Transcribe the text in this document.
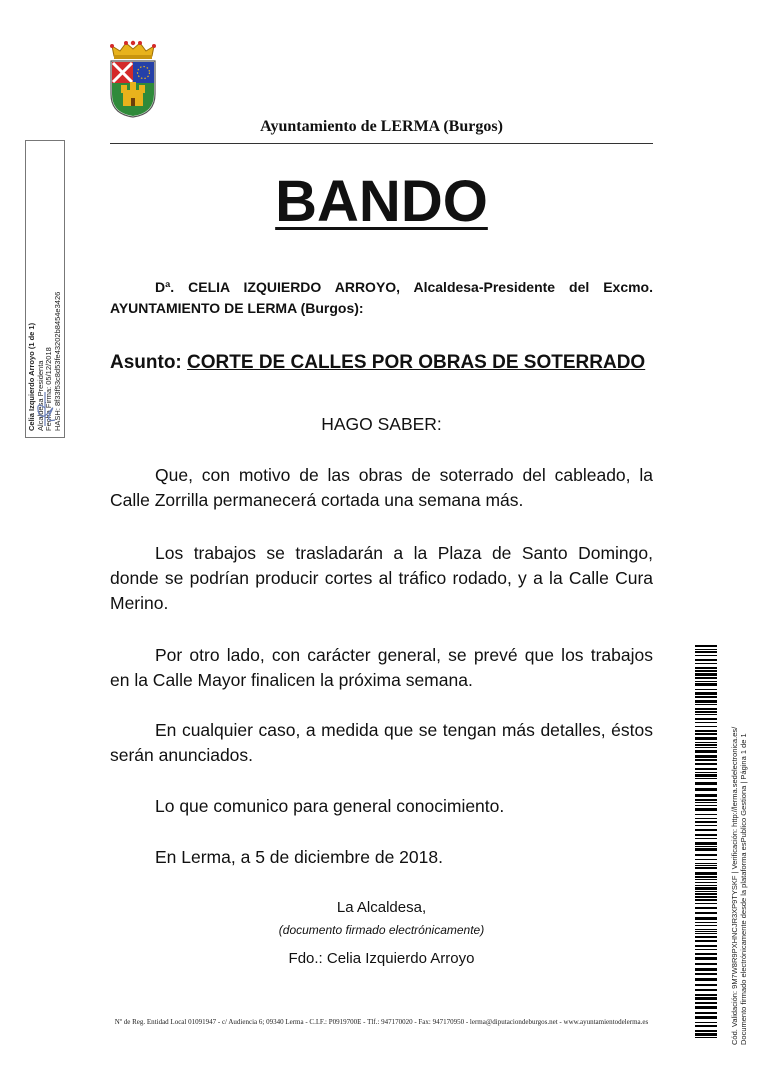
Ayuntamiento de LERMA (Burgos)
BANDO
Dª. CELIA IZQUIERDO ARROYO, Alcaldesa-Presidente del Excmo. AYUNTAMIENTO DE LERMA (Burgos):
Asunto: CORTE DE CALLES POR OBRAS DE SOTERRADO
HAGO SABER:
Que, con motivo de las obras de soterrado del cableado, la Calle Zorrilla permanecerá cortada una semana más.
Los trabajos se trasladarán a la Plaza de Santo Domingo, donde se podrían producir cortes al tráfico rodado, y a la Calle Cura Merino.
Por otro lado, con carácter general, se prevé que los trabajos en la Calle Mayor finalicen la próxima semana.
En cualquier caso, a medida que se tengan más detalles, éstos serán anunciados.
Lo que comunico para general conocimiento.
En Lerma, a 5 de diciembre de 2018.
La Alcaldesa,
(documento firmado electrónicamente)
Fdo.: Celia Izquierdo Arroyo
Nº de Reg. Entidad Local 01091947 - c/ Audiencia 6; 09340 Lerma - C.I.F.: P0919700E - Tlf.: 947170020 - Fax: 947170950 - lerma@diputaciondeburgos.net - www.ayuntamientodelerma.es
Celia Izquierdo Arroyo (1 de 1) Alcaldesa Presidenta Fecha Firma: 05/12/2018 HASH: 8f33f53c8d53fe43202b8454e3426
Cód. Validación: 9M7W8R9PXHNCJR3XP9TYSKF | Verificación: http://lerma.sedelectronica.es/ Documento firmado electrónicamente desde la plataforma esPublico Gestiona | Página 1 de 1
